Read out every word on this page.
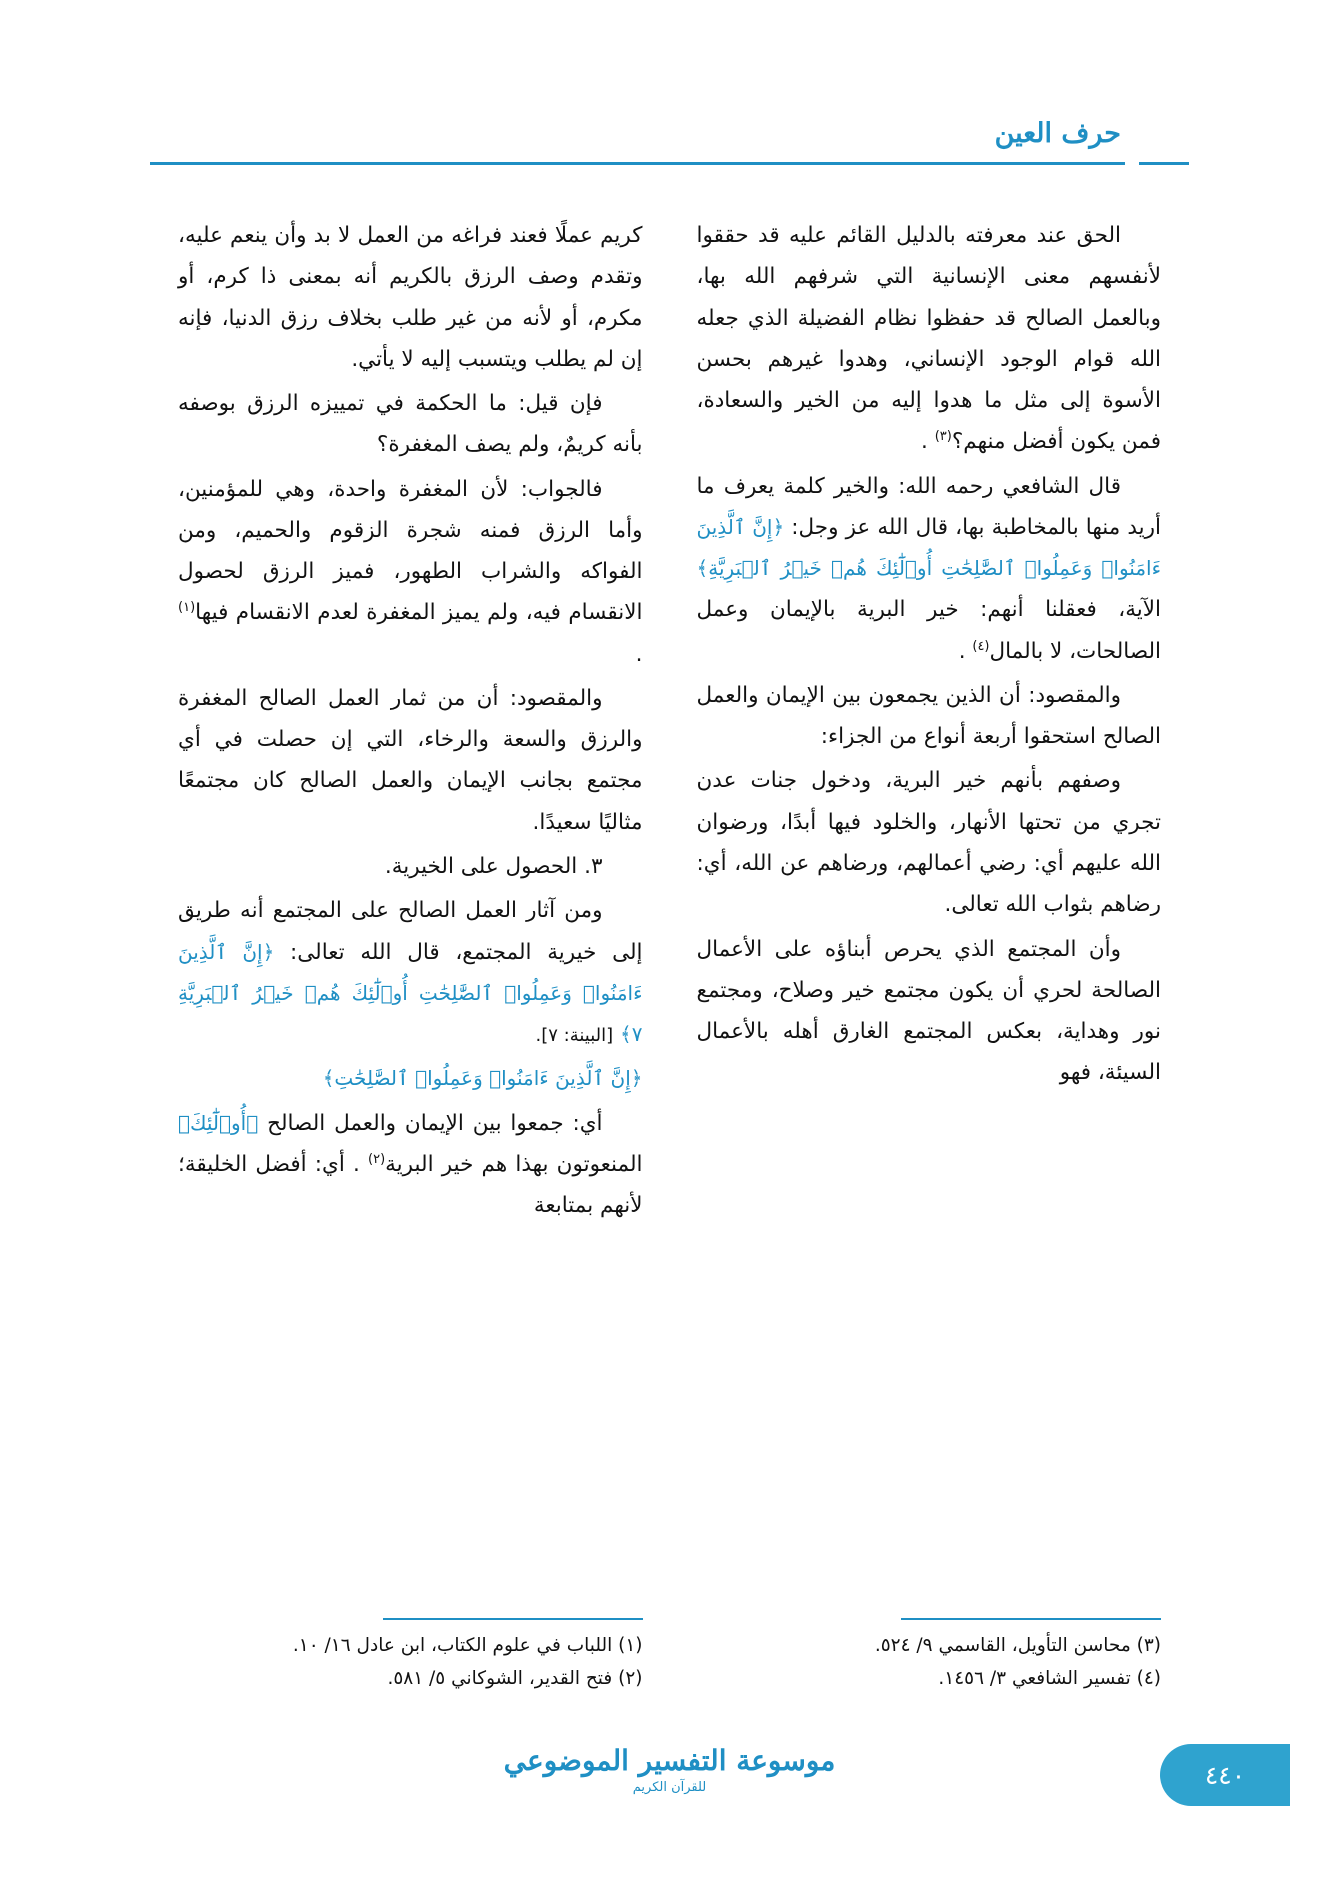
حرف العين

الحق عند معرفته بالدليل القائم عليه قد حققوا لأنفسهم معنى الإنسانية التي شرفهم الله بها، وبالعمل الصالح قد حفظوا نظام الفضيلة الذي جعله الله قوام الوجود الإنساني، وهدوا غيرهم بحسن الأسوة إلى مثل ما هدوا إليه من الخير والسعادة، فمن يكون أفضل منهم؟$^{(٣)}$ .

قال الشافعي رحمه الله: والخير كلمة يعرف ما أريد منها بالمخاطبة بها، قال الله عز وجل: ﴿إِنَّ ٱلَّذِينَ ءَامَنُوا۟ وَعَمِلُوا۟ ٱلصَّٰلِحَٰتِ أُو۟لَٰٓئِكَ هُمۡ خَيۡرُ ٱلۡبَرِيَّةِ﴾ الآية، فعقلنا أنهم: خير البرية بالإيمان وعمل الصالحات، لا بالمال$^{(٤)}$ .

والمقصود: أن الذين يجمعون بين الإيمان والعمل الصالح استحقوا أربعة أنواع من الجزاء:

وصفهم بأنهم خير البرية، ودخول جنات عدن تجري من تحتها الأنهار، والخلود فيها أبدًا، ورضوان الله عليهم أي: رضي أعمالهم، ورضاهم عن الله، أي: رضاهم بثواب الله تعالى.

وأن المجتمع الذي يحرص أبناؤه على الأعمال الصالحة لحري أن يكون مجتمع خير وصلاح، ومجتمع نور وهداية، بعكس المجتمع الغارق أهله بالأعمال السيئة، فهو

(٣) محاسن التأويل، القاسمي ٩/ ٥٢٤.
(٤) تفسير الشافعي ٣/ ١٤٥٦.

كريم عملًا فعند فراغه من العمل لا بد وأن ينعم عليه، وتقدم وصف الرزق بالكريم أنه بمعنى ذا كرم، أو مكرم، أو لأنه من غير طلب بخلاف رزق الدنيا، فإنه إن لم يطلب ويتسبب إليه لا يأتي.

فإن قيل: ما الحكمة في تمييزه الرزق بوصفه بأنه كريمٌ، ولم يصف المغفرة؟

فالجواب: لأن المغفرة واحدة، وهي للمؤمنين، وأما الرزق فمنه شجرة الزقوم والحميم، ومن الفواكه والشراب الطهور، فميز الرزق لحصول الانقسام فيه، ولم يميز المغفرة لعدم الانقسام فيها$^{(١)}$ .

والمقصود: أن من ثمار العمل الصالح المغفرة والرزق والسعة والرخاء، التي إن حصلت في أي مجتمع بجانب الإيمان والعمل الصالح كان مجتمعًا مثاليًا سعيدًا.

٣. الحصول على الخيرية.

ومن آثار العمل الصالح على المجتمع أنه طريق إلى خيرية المجتمع، قال الله تعالى: ﴿إِنَّ ٱلَّذِينَ ءَامَنُوا۟ وَعَمِلُوا۟ ٱلصَّٰلِحَٰتِ أُو۟لَٰٓئِكَ هُمۡ خَيۡرُ ٱلۡبَرِيَّةِ ٧﴾ [البينة: ٧].

﴿إِنَّ ٱلَّذِينَ ءَامَنُوا۟ وَعَمِلُوا۟ ٱلصَّٰلِحَٰتِ﴾

أي: جمعوا بين الإيمان والعمل الصالح ﴿أُو۟لَٰٓئِكَ﴾ المنعوتون بهذا هم خير البرية$^{(٢)}$ . أي: أفضل الخليقة؛ لأنهم بمتابعة

(١) اللباب في علوم الكتاب، ابن عادل ١٦/ ١٠.
(٢) فتح القدير، الشوكاني ٥/ ٥٨١.
موسوعة التفسير الموضوعي
للقرآن الكريم	٤٤٠
